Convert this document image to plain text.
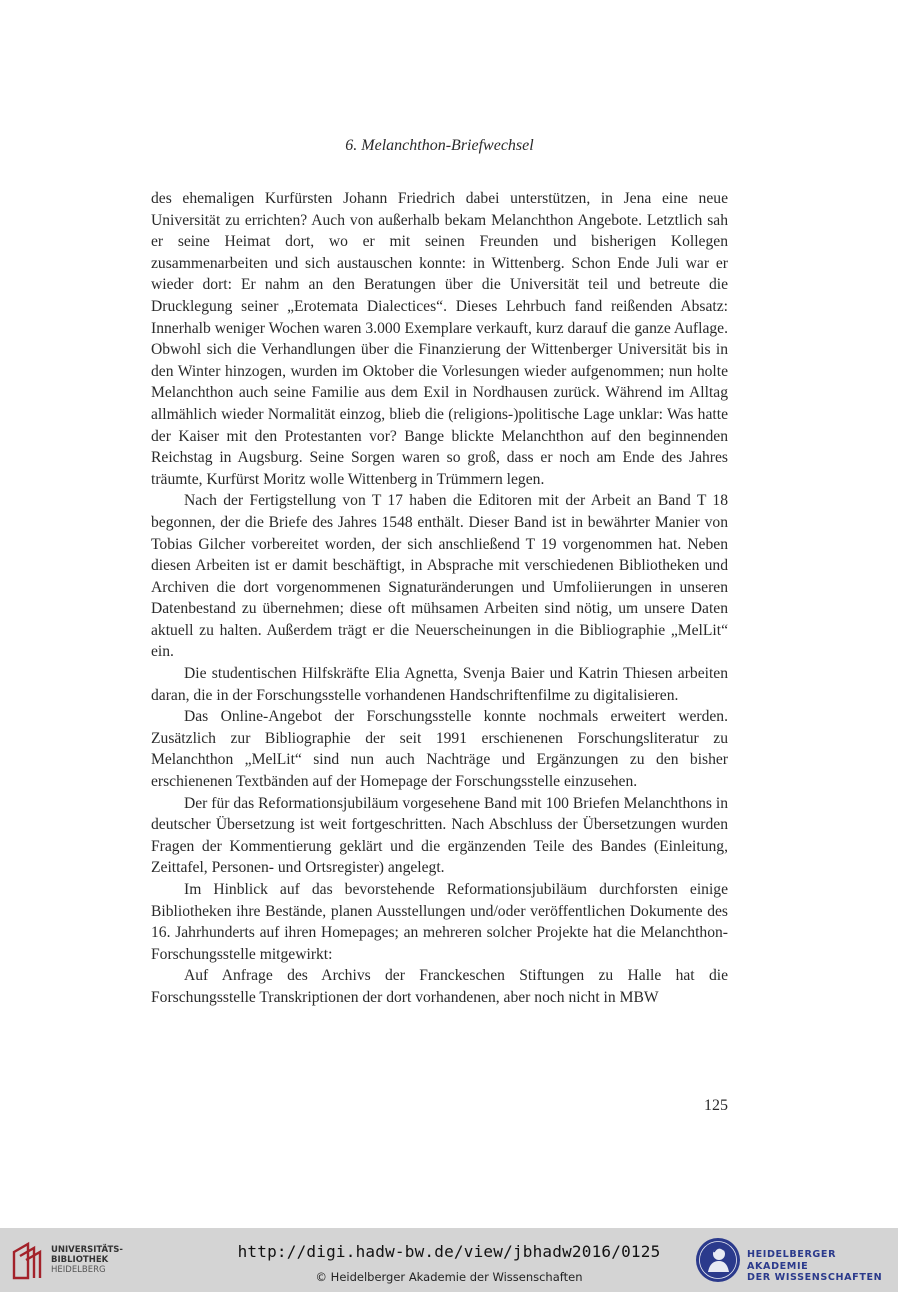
6. Melanchthon-Briefwechsel

des ehemaligen Kurfürsten Johann Friedrich dabei unterstützen, in Jena eine neue Universität zu errichten? Auch von außerhalb bekam Melanchthon Angebote. Letztlich sah er seine Heimat dort, wo er mit seinen Freunden und bisherigen Kollegen zusammenarbeiten und sich austauschen konnte: in Wittenberg. Schon Ende Juli war er wieder dort: Er nahm an den Beratungen über die Universität teil und betreute die Drucklegung seiner „Erotemata Dialectices“. Dieses Lehrbuch fand reißenden Absatz: Innerhalb weniger Wochen waren 3.000 Exemplare verkauft, kurz darauf die ganze Auflage. Obwohl sich die Verhandlungen über die Finanzierung der Wittenberger Universität bis in den Winter hinzogen, wurden im Oktober die Vorlesungen wieder aufgenommen; nun holte Melanchthon auch seine Familie aus dem Exil in Nordhausen zurück. Während im Alltag allmählich wieder Normalität einzog, blieb die (religions-)politische Lage unklar: Was hatte der Kaiser mit den Protestanten vor? Bange blickte Melanchthon auf den beginnenden Reichstag in Augsburg. Seine Sorgen waren so groß, dass er noch am Ende des Jahres träumte, Kurfürst Moritz wolle Wittenberg in Trümmern legen.

Nach der Fertigstellung von T 17 haben die Editoren mit der Arbeit an Band T 18 begonnen, der die Briefe des Jahres 1548 enthält. Dieser Band ist in bewährter Manier von Tobias Gilcher vorbereitet worden, der sich anschließend T 19 vorgenommen hat. Neben diesen Arbeiten ist er damit beschäftigt, in Absprache mit verschiedenen Bibliotheken und Archiven die dort vorgenommenen Signaturänderungen und Umfoliierungen in unseren Datenbestand zu übernehmen; diese oft mühsamen Arbeiten sind nötig, um unsere Daten aktuell zu halten. Außerdem trägt er die Neuerscheinungen in die Bibliographie „MelLit“ ein.

Die studentischen Hilfskräfte Elia Agnetta, Svenja Baier und Katrin Thiesen arbeiten daran, die in der Forschungsstelle vorhandenen Handschriftenfilme zu digitalisieren.

Das Online-Angebot der Forschungsstelle konnte nochmals erweitert werden. Zusätzlich zur Bibliographie der seit 1991 erschienenen Forschungsliteratur zu Melanchthon „MelLit“ sind nun auch Nachträge und Ergänzungen zu den bisher erschienenen Textbänden auf der Homepage der Forschungsstelle einzusehen.

Der für das Reformationsjubiläum vorgesehene Band mit 100 Briefen Melanchthons in deutscher Übersetzung ist weit fortgeschritten. Nach Abschluss der Übersetzungen wurden Fragen der Kommentierung geklärt und die ergänzenden Teile des Bandes (Einleitung, Zeittafel, Personen- und Ortsregister) angelegt.

Im Hinblick auf das bevorstehende Reformationsjubiläum durchforsten einige Bibliotheken ihre Bestände, planen Ausstellungen und/oder veröffentlichen Dokumente des 16. Jahrhunderts auf ihren Homepages; an mehreren solcher Projekte hat die Melanchthon-Forschungsstelle mitgewirkt:

Auf Anfrage des Archivs der Franckeschen Stiftungen zu Halle hat die Forschungsstelle Transkriptionen der dort vorhandenen, aber noch nicht in MBW

125
UNIVERSITÄTS-
BIBLIOTHEK
HEIDELBERG
http://digi.hadw-bw.de/view/jbhadw2016/0125
© Heidelberger Akademie der Wissenschaften
HEIDELBERGER AKADEMIE
DER WISSENSCHAFTEN
